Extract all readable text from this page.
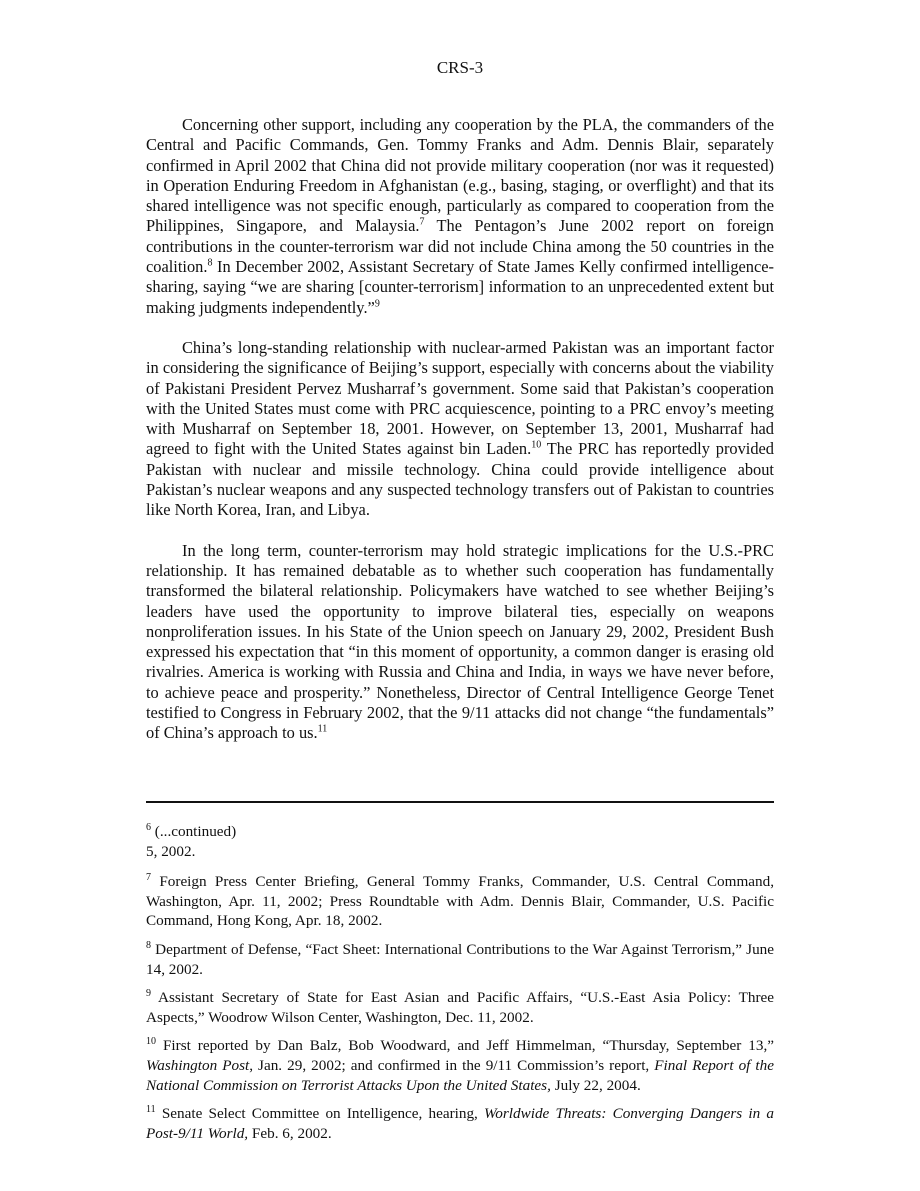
CRS-3

Concerning other support, including any cooperation by the PLA, the commanders of the Central and Pacific Commands, Gen. Tommy Franks and Adm. Dennis Blair, separately confirmed in April 2002 that China did not provide military cooperation (nor was it requested) in Operation Enduring Freedom in Afghanistan (e.g., basing, staging, or overflight) and that its shared intelligence was not specific enough, particularly as compared to cooperation from the Philippines, Singapore, and Malaysia.$^7$ The Pentagon’s June 2002 report on foreign contributions in the counter-terrorism war did not include China among the 50 countries in the coalition.$^8$ In December 2002, Assistant Secretary of State James Kelly confirmed intelligence-sharing, saying “we are sharing [counter-terrorism] information to an unprecedented extent but making judgments independently.”$^9$

China’s long-standing relationship with nuclear-armed Pakistan was an important factor in considering the significance of Beijing’s support, especially with concerns about the viability of Pakistani President Pervez Musharraf’s government. Some said that Pakistan’s cooperation with the United States must come with PRC acquiescence, pointing to a PRC envoy’s meeting with Musharraf on September 18, 2001. However, on September 13, 2001, Musharraf had agreed to fight with the United States against bin Laden.$^{10}$ The PRC has reportedly provided Pakistan with nuclear and missile technology. China could provide intelligence about Pakistan’s nuclear weapons and any suspected technology transfers out of Pakistan to countries like North Korea, Iran, and Libya.

In the long term, counter-terrorism may hold strategic implications for the U.S.-PRC relationship. It has remained debatable as to whether such cooperation has fundamentally transformed the bilateral relationship. Policymakers have watched to see whether Beijing’s leaders have used the opportunity to improve bilateral ties, especially on weapons nonproliferation issues. In his State of the Union speech on January 29, 2002, President Bush expressed his expectation that “in this moment of opportunity, a common danger is erasing old rivalries. America is working with Russia and China and India, in ways we have never before, to achieve peace and prosperity.” Nonetheless, Director of Central Intelligence George Tenet testified to Congress in February 2002, that the 9/11 attacks did not change “the fundamentals” of China’s approach to us.$^{11}$

$^6$ (...continued)
5, 2002.
$^7$ Foreign Press Center Briefing, General Tommy Franks, Commander, U.S. Central Command, Washington, Apr. 11, 2002; Press Roundtable with Adm. Dennis Blair, Commander, U.S. Pacific Command, Hong Kong, Apr. 18, 2002.
$^8$ Department of Defense, “Fact Sheet: International Contributions to the War Against Terrorism,” June 14, 2002.
$^9$ Assistant Secretary of State for East Asian and Pacific Affairs, “U.S.-East Asia Policy: Three Aspects,” Woodrow Wilson Center, Washington, Dec. 11, 2002.
$^{10}$ First reported by Dan Balz, Bob Woodward, and Jeff Himmelman, “Thursday, September 13,” Washington Post, Jan. 29, 2002; and confirmed in the 9/11 Commission’s report, Final Report of the National Commission on Terrorist Attacks Upon the United States, July 22, 2004.
$^{11}$ Senate Select Committee on Intelligence, hearing, Worldwide Threats: Converging Dangers in a Post-9/11 World, Feb. 6, 2002.
